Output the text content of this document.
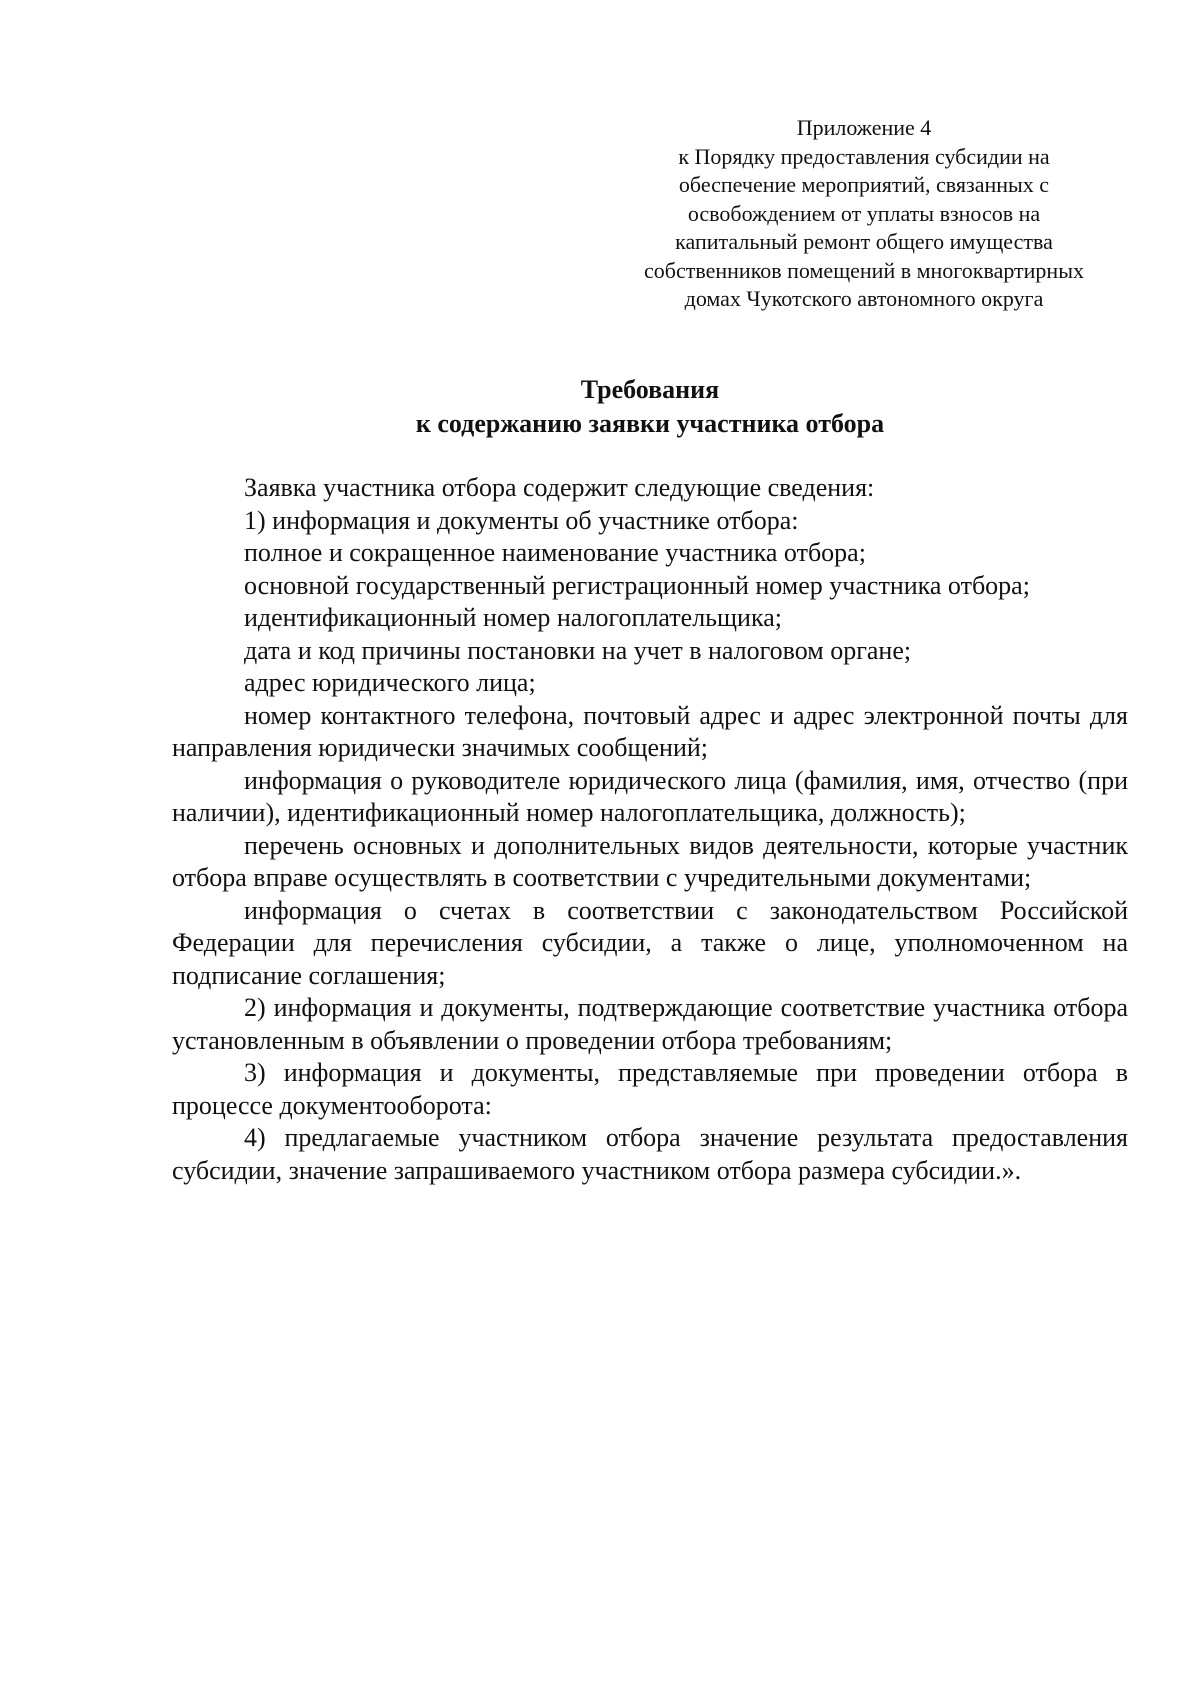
Приложение 4
к Порядку предоставления субсидии на
обеспечение мероприятий, связанных с
освобождением от уплаты взносов на
капитальный ремонт общего имущества
собственников помещений в многоквартирных
домах Чукотского автономного округа
Требования
к содержанию заявки участника отбора

Заявка участника отбора содержит следующие сведения:

1) информация и документы об участнике отбора:

полное и сокращенное наименование участника отбора;

основной государственный регистрационный номер участника отбора;

идентификационный номер налогоплательщика;

дата и код причины постановки на учет в налоговом органе;

адрес юридического лица;

номер контактного телефона, почтовый адрес и адрес электронной почты для направления юридически значимых сообщений;

информация о руководителе юридического лица (фамилия, имя, отчество (при наличии), идентификационный номер налогоплательщика, должность);

перечень основных и дополнительных видов деятельности, которые участник отбора вправе осуществлять в соответствии с учредительными документами;

информация о счетах в соответствии с законодательством Российской Федерации для перечисления субсидии, а также о лице, уполномоченном на подписание соглашения;

2) информация и документы, подтверждающие соответствие участника отбора установленным в объявлении о проведении отбора требованиям;

3) информация и документы, представляемые при проведении отбора в процессе документооборота:

4) предлагаемые участником отбора значение результата предоставления субсидии, значение запрашиваемого участником отбора размера субсидии.».
